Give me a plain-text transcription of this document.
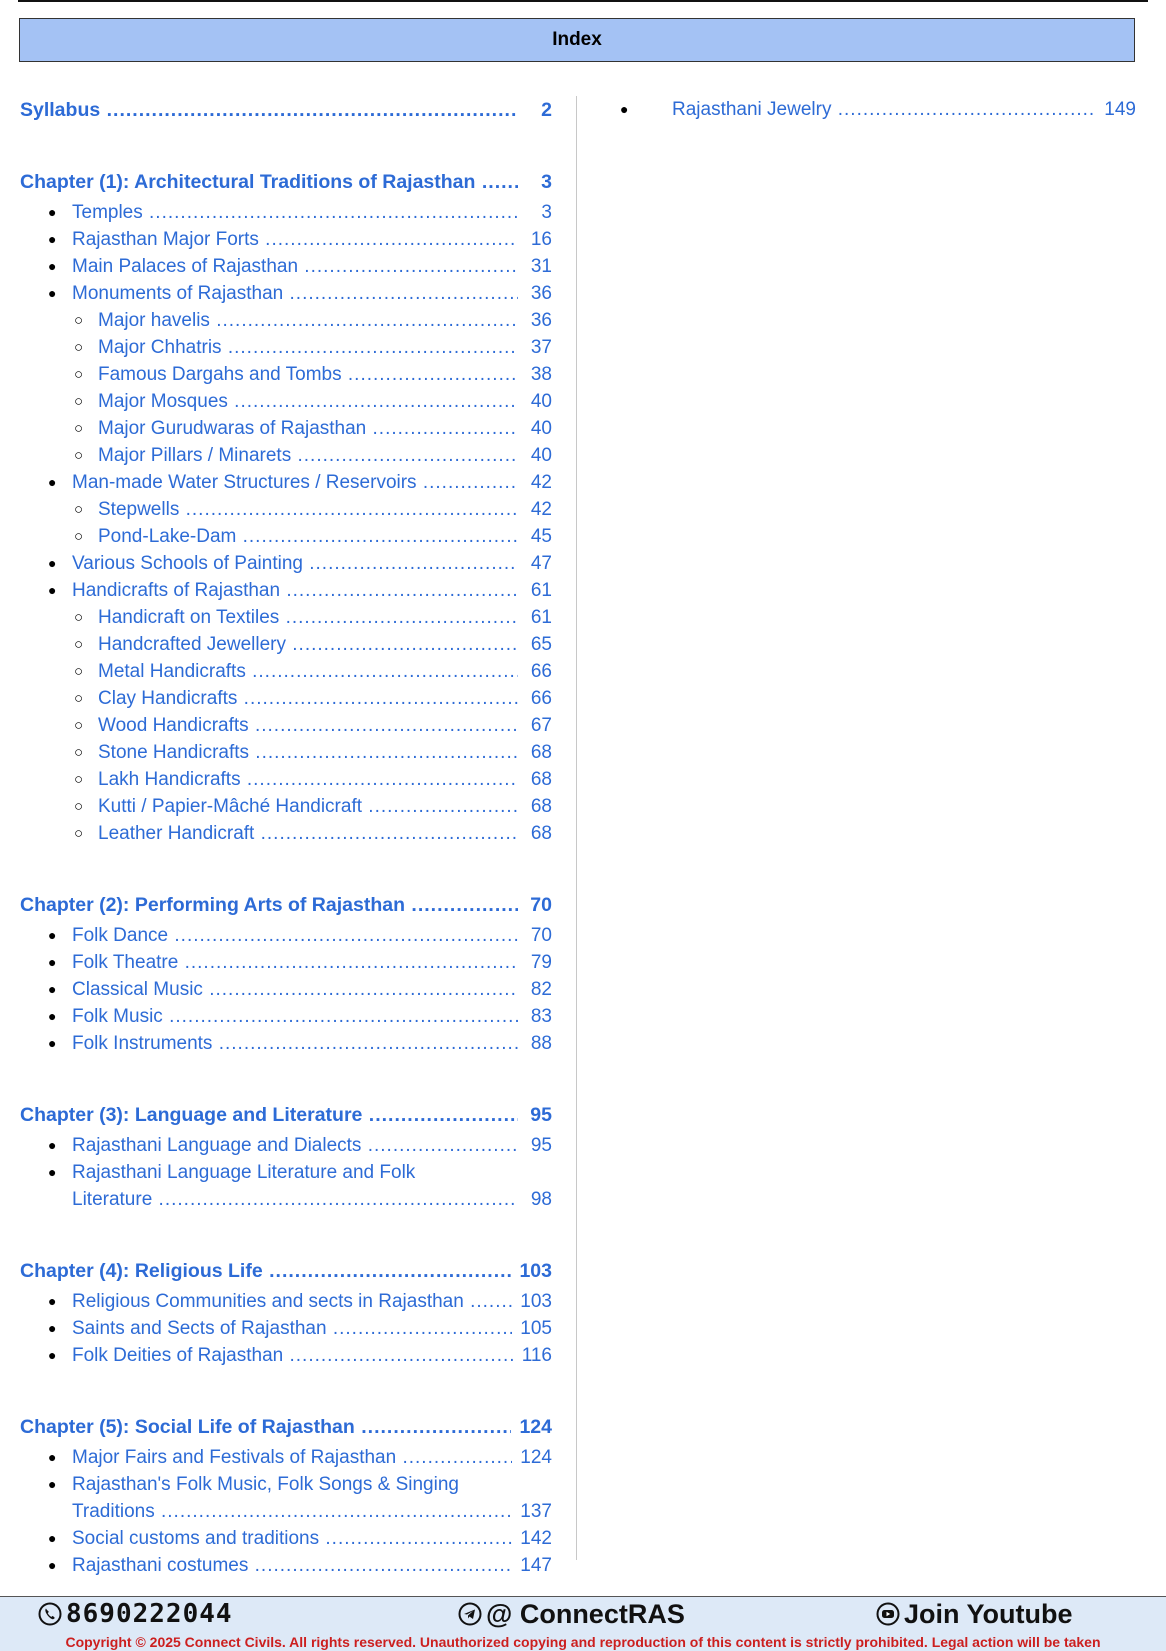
Index
Syllabus .....	2
Chapter (1): Architectural Traditions of Rajasthan .....	3
● Temples .....	3
● Rajasthan Major Forts .....	16
● Main Palaces of Rajasthan .....	31
● Monuments of Rajasthan .....	36
○ Major havelis .....	36
○ Major Chhatris .....	37
○ Famous Dargahs and Tombs .....	38
○ Major Mosques .....	40
○ Major Gurudwaras of Rajasthan .....	40
○ Major Pillars / Minarets .....	40
● Man-made Water Structures / Reservoirs .....	42
○ Stepwells .....	42
○ Pond-Lake-Dam .....	45
● Various Schools of Painting .....	47
● Handicrafts of Rajasthan .....	61
○ Handicraft on Textiles .....	61
○ Handcrafted Jewellery .....	65
○ Metal Handicrafts .....	66
○ Clay Handicrafts .....	66
○ Wood Handicrafts .....	67
○ Stone Handicrafts .....	68
○ Lakh Handicrafts .....	68
○ Kutti / Papier-Mâché Handicraft .....	68
○ Leather Handicraft .....	68
Chapter (2): Performing Arts of Rajasthan .....	70
● Folk Dance .....	70
● Folk Theatre .....	79
● Classical Music .....	82
● Folk Music .....	83
● Folk Instruments .....	88
Chapter (3): Language and Literature .....	95
● Rajasthani Language and Dialects .....	95
● Rajasthani Language Literature and Folk
Literature .....	98
Chapter (4): Religious Life .....	103
● Religious Communities and sects in Rajasthan .....	103
● Saints and Sects of Rajasthan .....	105
● Folk Deities of Rajasthan .....	116
Chapter (5): Social Life of Rajasthan .....	124
● Major Fairs and Festivals of Rajasthan .....	124
● Rajasthan's Folk Music, Folk Songs & Singing
Traditions .....	137
● Social customs and traditions .....	142
● Rajasthani costumes .....	147
●	Rajasthani Jewelry .....	149
8690222044	@ ConnectRAS	Join Youtube
Copyright © 2025 Connect Civils. All rights reserved. Unauthorized copying and reproduction of this content is strictly prohibited. Legal action will be taken
